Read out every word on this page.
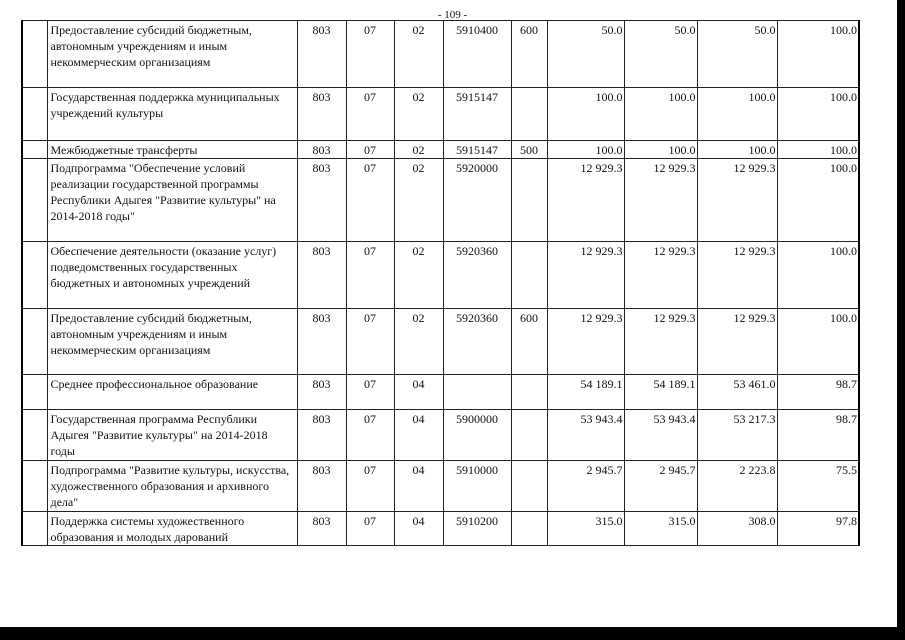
- 109 -
	Предоставление субсидий бюджетным, автономным учреждениям и иным некоммерческим организациям	803	07	02	5910400	600	50.0	50.0	50.0	100.0
	Государственная поддержка муниципальных учреждений культуры	803	07	02	5915147		100.0	100.0	100.0	100.0
	Межбюджетные трансферты	803	07	02	5915147	500	100.0	100.0	100.0	100.0
	Подпрограмма "Обеспечение условий реализации государственной программы Республики Адыгея "Развитие культуры" на 2014-2018 годы"	803	07	02	5920000		12 929.3	12 929.3	12 929.3	100.0
	Обеспечение деятельности (оказание услуг) подведомственных государственных бюджетных и автономных учреждений	803	07	02	5920360		12 929.3	12 929.3	12 929.3	100.0
	Предоставление субсидий бюджетным, автономным учреждениям и иным некоммерческим организациям	803	07	02	5920360	600	12 929.3	12 929.3	12 929.3	100.0
	Среднее профессиональное образование	803	07	04			54 189.1	54 189.1	53 461.0	98.7
	Государственная программа Республики Адыгея "Развитие культуры" на 2014-2018 годы	803	07	04	5900000		53 943.4	53 943.4	53 217.3	98.7
	Подпрограмма "Развитие культуры, искусства, художественного образования и архивного дела"	803	07	04	5910000		2 945.7	2 945.7	2 223.8	75.5
	Поддержка системы художественного образования и молодых дарований	803	07	04	5910200		315.0	315.0	308.0	97.8
